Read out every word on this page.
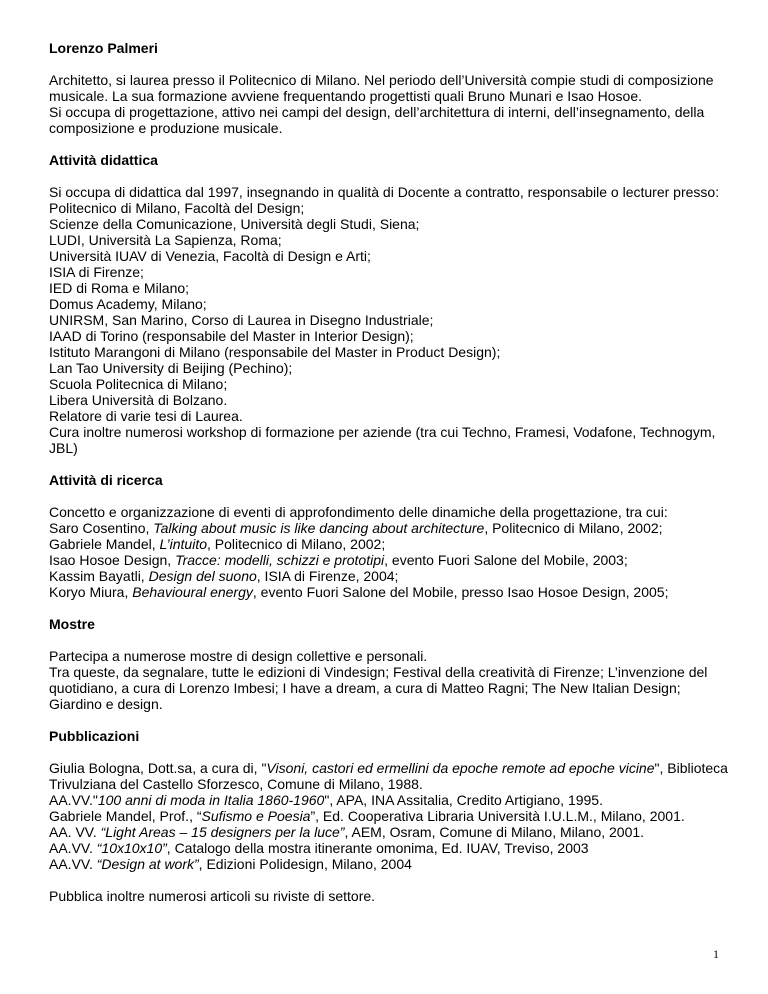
Lorenzo Palmeri

Architetto, si laurea presso il Politecnico di Milano. Nel periodo dell’Università compie studi di composizione musicale. La sua formazione avviene frequentando progettisti quali Bruno Munari e Isao Hosoe.

Si occupa di progettazione, attivo nei campi del design, dell’architettura di interni, dell’insegnamento, della composizione e produzione musicale.

Attività didattica

Si occupa di didattica dal 1997, insegnando in qualità di Docente a contratto, responsabile o lecturer presso:

Politecnico di Milano, Facoltà del Design;
Scienze della Comunicazione, Università degli Studi, Siena;
LUDI, Università La Sapienza, Roma;
Università IUAV di Venezia, Facoltà di Design e Arti;
ISIA di Firenze;
IED di Roma e Milano;
Domus Academy, Milano;
UNIRSM, San Marino, Corso di Laurea in Disegno Industriale;
IAAD di Torino (responsabile del Master in Interior Design);
Istituto Marangoni di Milano (responsabile del Master in Product Design);
Lan Tao University di Beijing (Pechino);
Scuola Politecnica di Milano;
Libera Università di Bolzano.
Relatore di varie tesi di Laurea.

Cura inoltre numerosi workshop di formazione per aziende (tra cui Techno, Framesi, Vodafone, Technogym, JBL)

Attività di ricerca

Concetto e organizzazione di eventi di approfondimento delle dinamiche della progettazione, tra cui:

Saro Cosentino, Talking about music is like dancing about architecture, Politecnico di Milano, 2002;

Gabriele Mandel, L’intuito, Politecnico di Milano, 2002;

Isao Hosoe Design, Tracce: modelli, schizzi e prototipi, evento Fuori Salone del Mobile, 2003;

Kassim Bayatli, Design del suono, ISIA di Firenze, 2004;

Koryo Miura, Behavioural energy, evento Fuori Salone del Mobile, presso Isao Hosoe Design, 2005;

Mostre

Partecipa a numerose mostre di design collettive e personali.

Tra queste, da segnalare, tutte le edizioni di Vindesign; Festival della creatività di Firenze; L’invenzione del quotidiano, a cura di Lorenzo Imbesi; I have a dream, a cura di Matteo Ragni; The New Italian Design; Giardino e design.

Pubblicazioni

Giulia Bologna, Dott.sa, a cura di, "Visoni, castori ed ermellini da epoche remote ad epoche vicine", Biblioteca Trivulziana del Castello Sforzesco, Comune di Milano, 1988.

AA.VV."100 anni di moda in Italia 1860-1960", APA, INA Assitalia, Credito Artigiano, 1995.

Gabriele Mandel, Prof., “Sufismo e Poesia”, Ed. Cooperativa Libraria Università I.U.L.M., Milano, 2001.

AA. VV. “Light Areas – 15 designers per la luce”, AEM, Osram, Comune di Milano, Milano, 2001.

AA.VV. “10x10x10”, Catalogo della mostra itinerante omonima, Ed. IUAV, Treviso, 2003

AA.VV. “Design at work”, Edizioni Polidesign, Milano, 2004

Pubblica inoltre numerosi articoli su riviste di settore.

1
